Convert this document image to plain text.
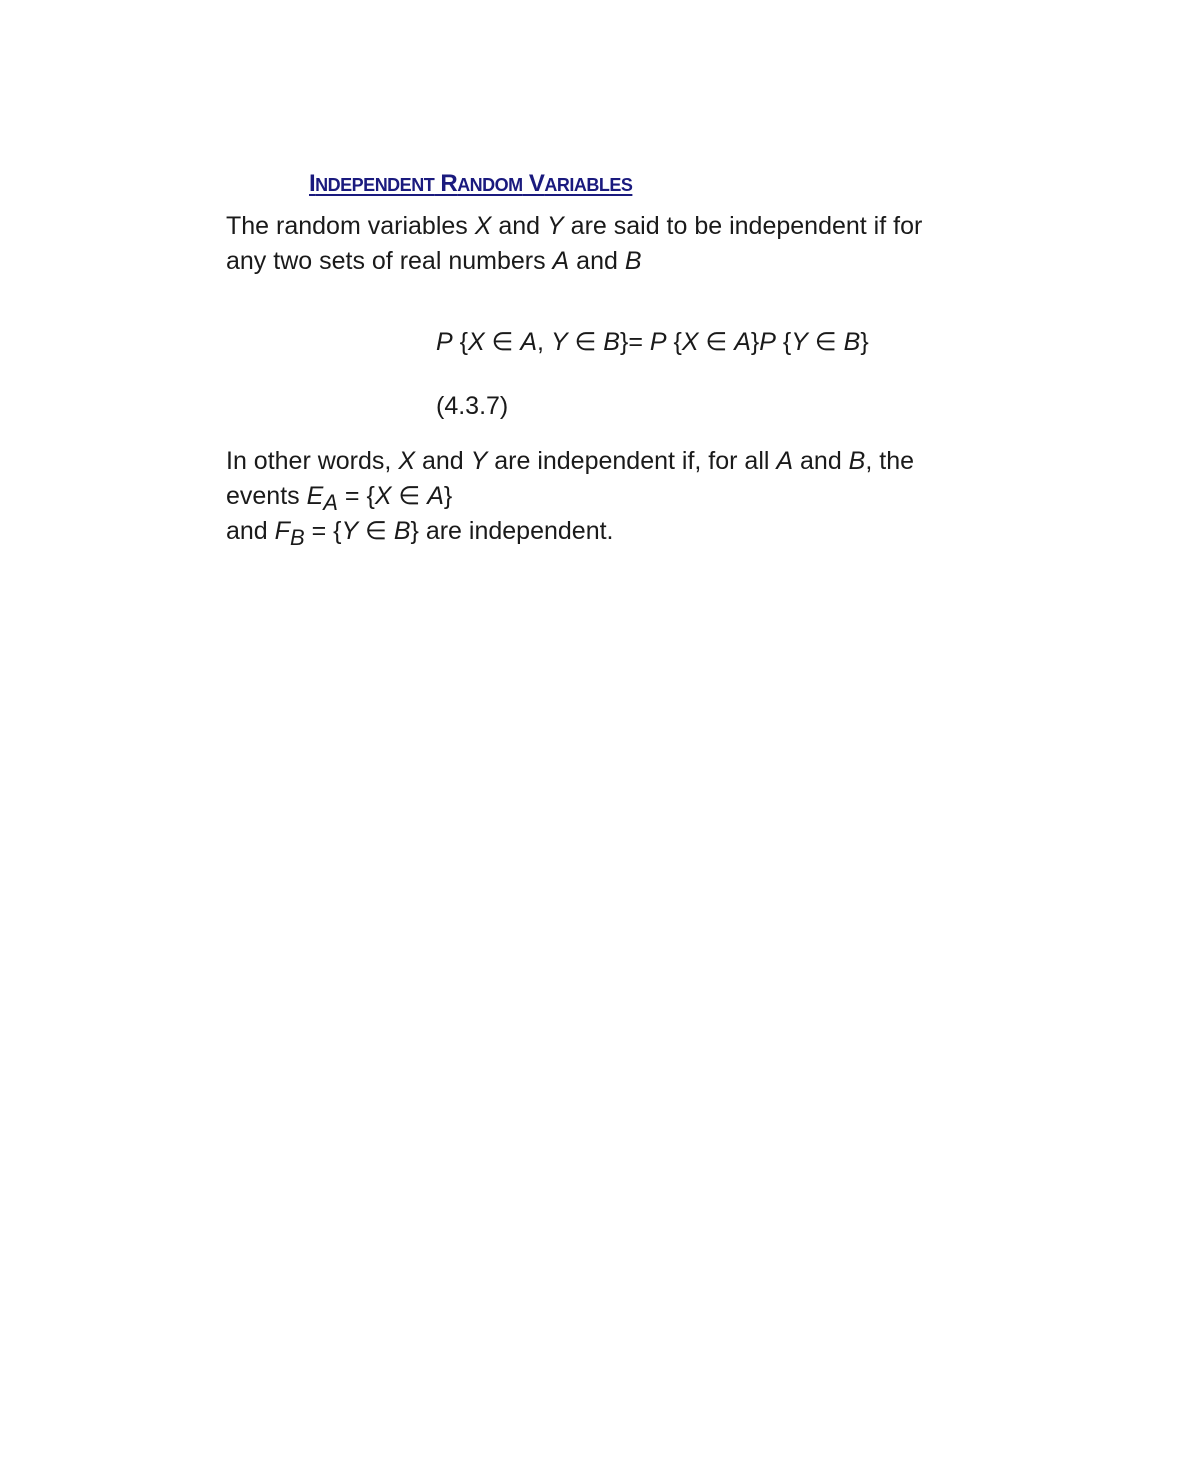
INDEPENDENT RANDOM VARIABLES
The random variables X and Y are said to be independent if for
any two sets of real numbers A and B
P {X ∈ A, Y ∈ B}= P {X ∈ A}P {Y ∈ B}
(4.3.7)
In other words, X and Y are independent if, for all A and B, the
events EA = {X ∈ A}
and FB = {Y ∈ B} are independent.
